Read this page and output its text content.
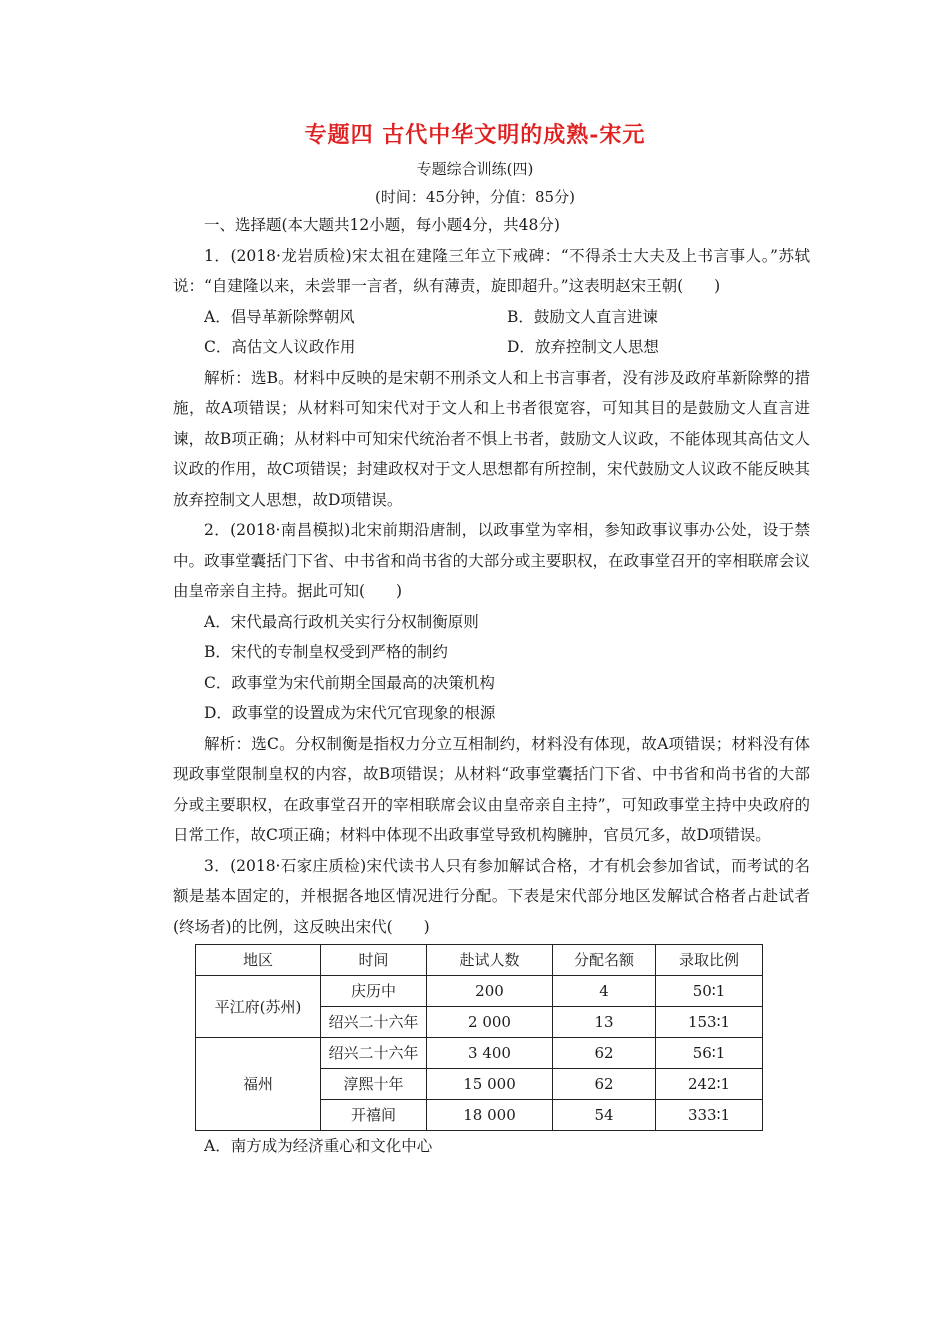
专题四 古代中华文明的成熟-宋元
专题综合训练(四)
(时间：45分钟，分值：85分)

一、选择题(本大题共12小题，每小题4分，共48分)

1．(2018·龙岩质检)宋太祖在建隆三年立下戒碑：“不得杀士大夫及上书言事人。”苏轼说：“自建隆以来，未尝罪一言者，纵有薄责，旋即超升。”这表明赵宋王朝(　　)

A．倡导革新除弊朝风	B．鼓励文人直言进谏
C．高估文人议政作用	D．放弃控制文人思想

解析：选B。材料中反映的是宋朝不刑杀文人和上书言事者，没有涉及政府革新除弊的措施，故A项错误；从材料可知宋代对于文人和上书者很宽容，可知其目的是鼓励文人直言进谏，故B项正确；从材料中可知宋代统治者不惧上书者，鼓励文人议政，不能体现其高估文人议政的作用，故C项错误；封建政权对于文人思想都有所控制，宋代鼓励文人议政不能反映其放弃控制文人思想，故D项错误。

2．(2018·南昌模拟)北宋前期沿唐制，以政事堂为宰相，参知政事议事办公处，设于禁中。政事堂囊括门下省、中书省和尚书省的大部分或主要职权，在政事堂召开的宰相联席会议由皇帝亲自主持。据此可知(　　)

A．宋代最高行政机关实行分权制衡原则

B．宋代的专制皇权受到严格的制约

C．政事堂为宋代前期全国最高的决策机构

D．政事堂的设置成为宋代冗官现象的根源

解析：选C。分权制衡是指权力分立互相制约，材料没有体现，故A项错误；材料没有体现政事堂限制皇权的内容，故B项错误；从材料“政事堂囊括门下省、中书省和尚书省的大部分或主要职权，在政事堂召开的宰相联席会议由皇帝亲自主持”，可知政事堂主持中央政府的日常工作，故C项正确；材料中体现不出政事堂导致机构臃肿，官员冗多，故D项错误。

3．(2018·石家庄质检)宋代读书人只有参加解试合格，才有机会参加省试，而考试的名额是基本固定的，并根据各地区情况进行分配。下表是宋代部分地区发解试合格者占赴试者(终场者)的比例，这反映出宋代(　　)

地区	时间	赴试人数	分配名额	录取比例
平江府(苏州)	庆历中	200	4	50∶1
	绍兴二十六年	2 000	13	153∶1
福州	绍兴二十六年	3 400	62	56∶1
	淳熙十年	15 000	62	242∶1
	开禧间	18 000	54	333∶1

A．南方成为经济重心和文化中心
